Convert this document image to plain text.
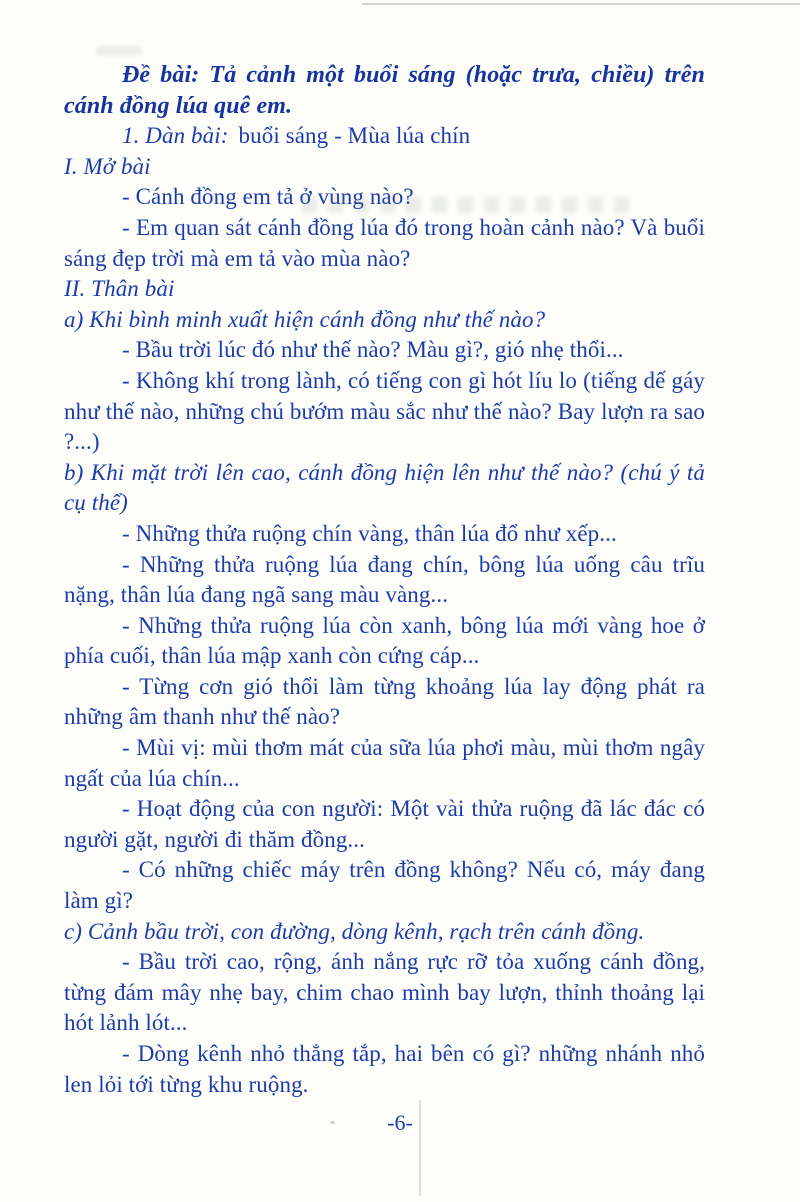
Đề bài: Tả cảnh một buổi sáng (hoặc trưa, chiều) trên cánh đồng lúa quê em.

1. Dàn bài: buổi sáng - Mùa lúa chín

I. Mở bài

- Cánh đồng em tả ở vùng nào?

- Em quan sát cánh đồng lúa đó trong hoàn cảnh nào? Và buổi sáng đẹp trời mà em tả vào mùa nào?

II. Thân bài

a) Khi bình minh xuất hiện cánh đồng như thế nào?

- Bầu trời lúc đó như thế nào? Màu gì?, gió nhẹ thổi...

- Không khí trong lành, có tiếng con gì hót líu lo (tiếng dế gáy như thế nào, những chú bướm màu sắc như thế nào? Bay lượn ra sao ?...)

b) Khi mặt trời lên cao, cánh đồng hiện lên như thế nào? (chú ý tả cụ thể)

- Những thửa ruộng chín vàng, thân lúa đổ như xếp...

- Những thửa ruộng lúa đang chín, bông lúa uống câu trĩu nặng, thân lúa đang ngã sang màu vàng...

- Những thửa ruộng lúa còn xanh, bông lúa mới vàng hoe ở phía cuối, thân lúa mập xanh còn cứng cáp...

- Từng cơn gió thổi làm từng khoảng lúa lay động phát ra những âm thanh như thế nào?

- Mùi vị: mùi thơm mát của sữa lúa phơi màu, mùi thơm ngây ngất của lúa chín...

- Hoạt động của con người: Một vài thửa ruộng đã lác đác có người gặt, người đi thăm đồng...

- Có những chiếc máy trên đồng không? Nếu có, máy đang làm gì?

c) Cảnh bầu trời, con đường, dòng kênh, rạch trên cánh đồng.

- Bầu trời cao, rộng, ánh nắng rực rỡ tỏa xuống cánh đồng, từng đám mây nhẹ bay, chim chao mình bay lượn, thỉnh thoảng lại hót lảnh lót...

- Dòng kênh nhỏ thẳng tắp, hai bên có gì? những nhánh nhỏ len lỏi tới từng khu ruộng.

-6-
